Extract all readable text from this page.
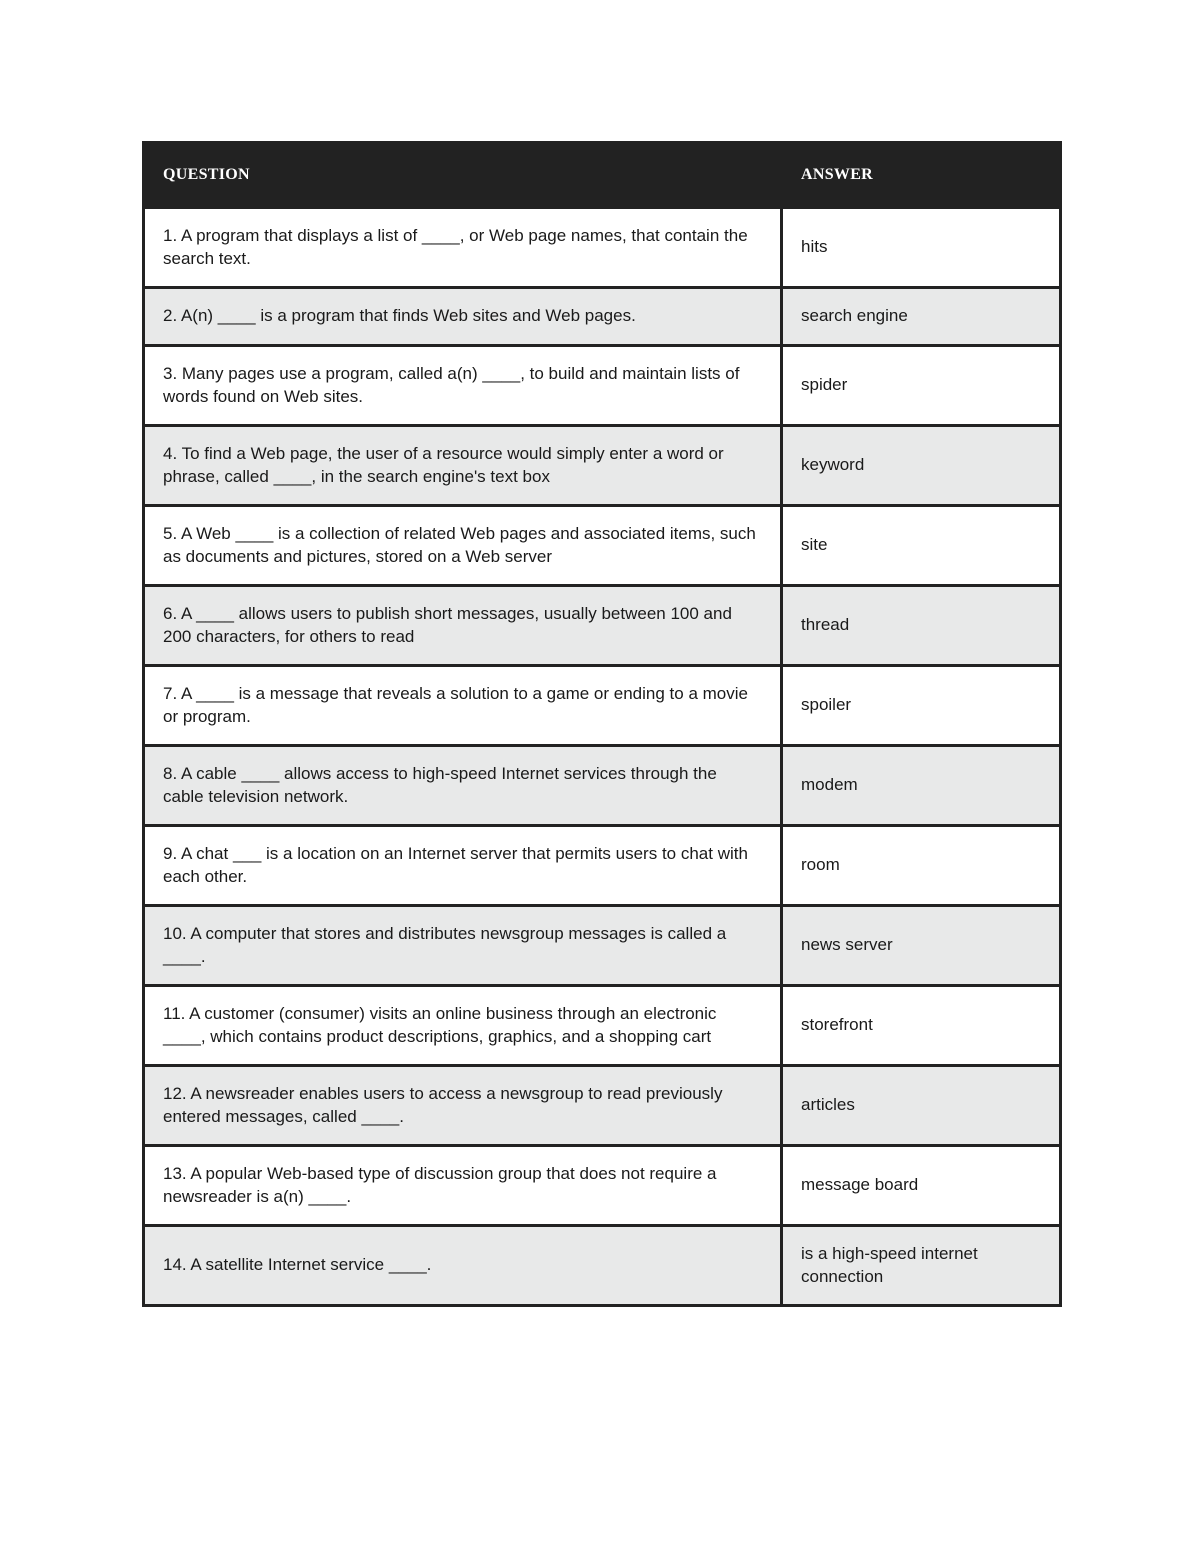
QUESTION	ANSWER
1. A program that displays a list of ____, or Web page names, that contain the search text.	hits
2. A(n) ____ is a program that finds Web sites and Web pages.	search engine
3. Many pages use a program, called a(n) ____, to build and maintain lists of words found on Web sites.	spider
4. To find a Web page, the user of a resource would simply enter a word or phrase, called ____, in the search engine's text box	keyword
5. A Web ____ is a collection of related Web pages and associated items, such as documents and pictures, stored on a Web server	site
6. A ____ allows users to publish short messages, usually between 100 and 200 characters, for others to read	thread
7. A ____ is a message that reveals a solution to a game or ending to a movie or program.	spoiler
8. A cable ____ allows access to high-speed Internet services through the cable television network.	modem
9. A chat ___ is a location on an Internet server that permits users to chat with each other.	room
10. A computer that stores and distributes newsgroup messages is called a ____.	news server
11. A customer (consumer) visits an online business through an electronic ____, which contains product descriptions, graphics, and a shopping cart	storefront
12. A newsreader enables users to access a newsgroup to read previously entered messages, called ____.	articles
13. A popular Web-based type of discussion group that does not require a newsreader is a(n) ____.	message board
14. A satellite Internet service ____.	is a high-speed internet connection
